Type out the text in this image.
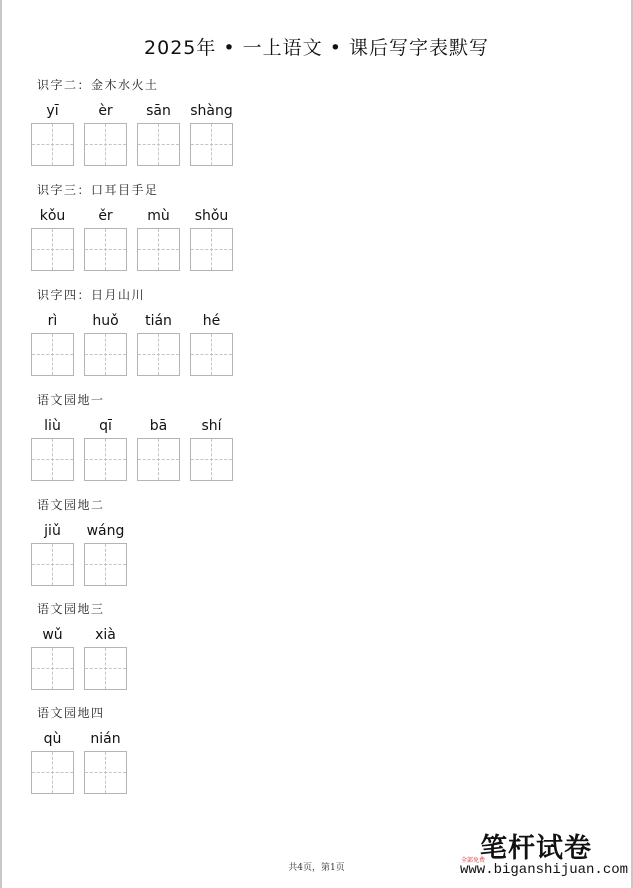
2025年 • 一上语文 • 课后写字表默写
识字二：金木水火土
yī	èr	sān	shàng
识字三：口耳目手足
kǒu	ěr	mù	shǒu
识字四：日月山川
rì	huǒ	tián	hé
语文园地一
liù	qī	bā	shí
语文园地二
jiǔ	wáng
语文园地三
wǔ	xià
语文园地四
qù	nián
共4页，第1页
笔杆试卷
全部免费
www.biganshijuan.com
